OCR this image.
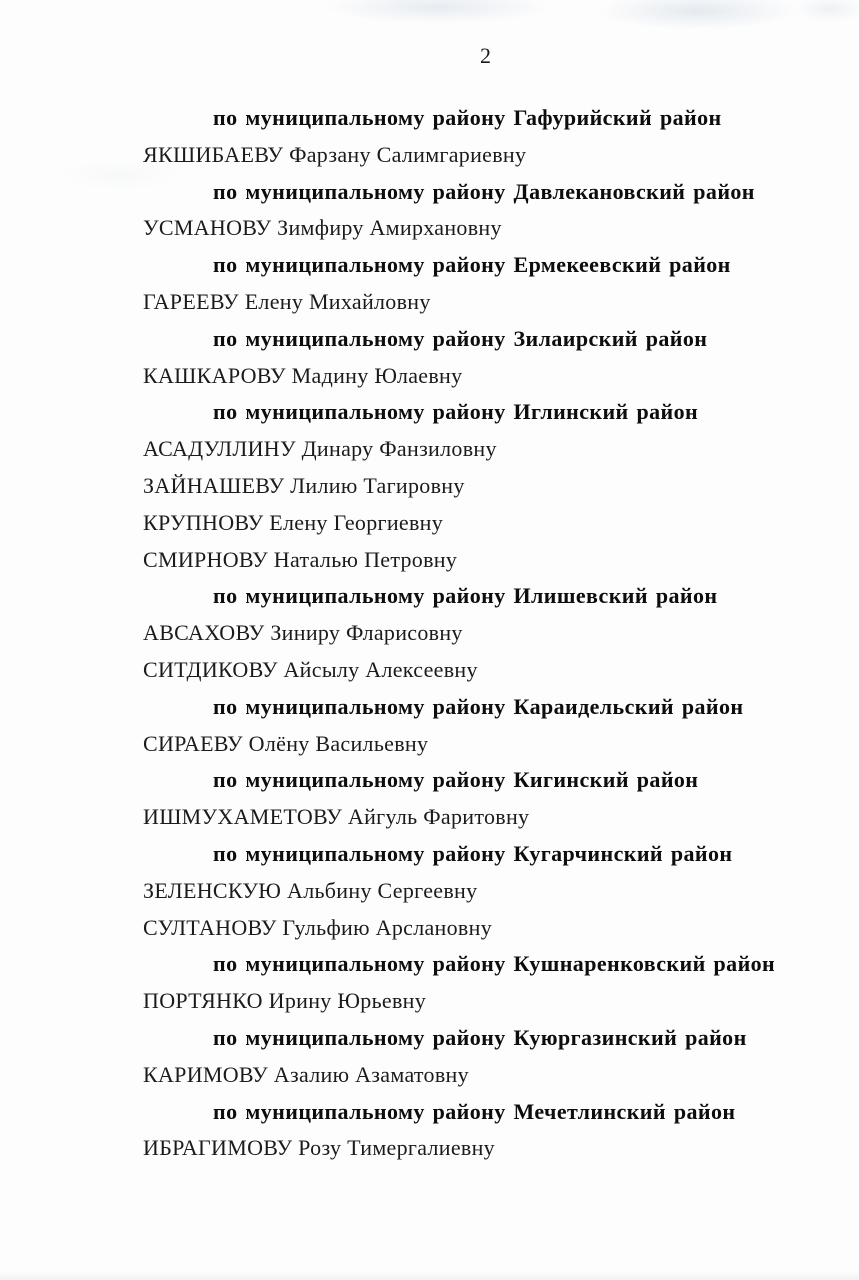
2

по муниципальному району Гафурийский район

ЯКШИБАЕВУ Фарзану Салимгариевну

по муниципальному району Давлекановский район

УСМАНОВУ Зимфиру Амирхановну

по муниципальному району Ермекеевский район

ГАРЕЕВУ Елену Михайловну

по муниципальному району Зилаирский район

КАШКАРОВУ Мадину Юлаевну

по муниципальному району Иглинский район

АСАДУЛЛИНУ Динару Фанзиловну

ЗАЙНАШЕВУ Лилию Тагировну

КРУПНОВУ Елену Георгиевну

СМИРНОВУ Наталью Петровну

по муниципальному району Илишевский район

АВСАХОВУ Зиниру Фларисовну

СИТДИКОВУ Айсылу Алексеевну

по муниципальному району Караидельский район

СИРАЕВУ Олёну Васильевну

по муниципальному району Кигинский район

ИШМУХАМЕТОВУ Айгуль Фаритовну

по муниципальному району Кугарчинский район

ЗЕЛЕНСКУЮ Альбину Сергеевну

СУЛТАНОВУ Гульфию Арслановну

по муниципальному району Кушнаренковский район

ПОРТЯНКО Ирину Юрьевну

по муниципальному району Куюргазинский район

КАРИМОВУ Азалию Азаматовну

по муниципальному району Мечетлинский район

ИБРАГИМОВУ Розу Тимергалиевну
